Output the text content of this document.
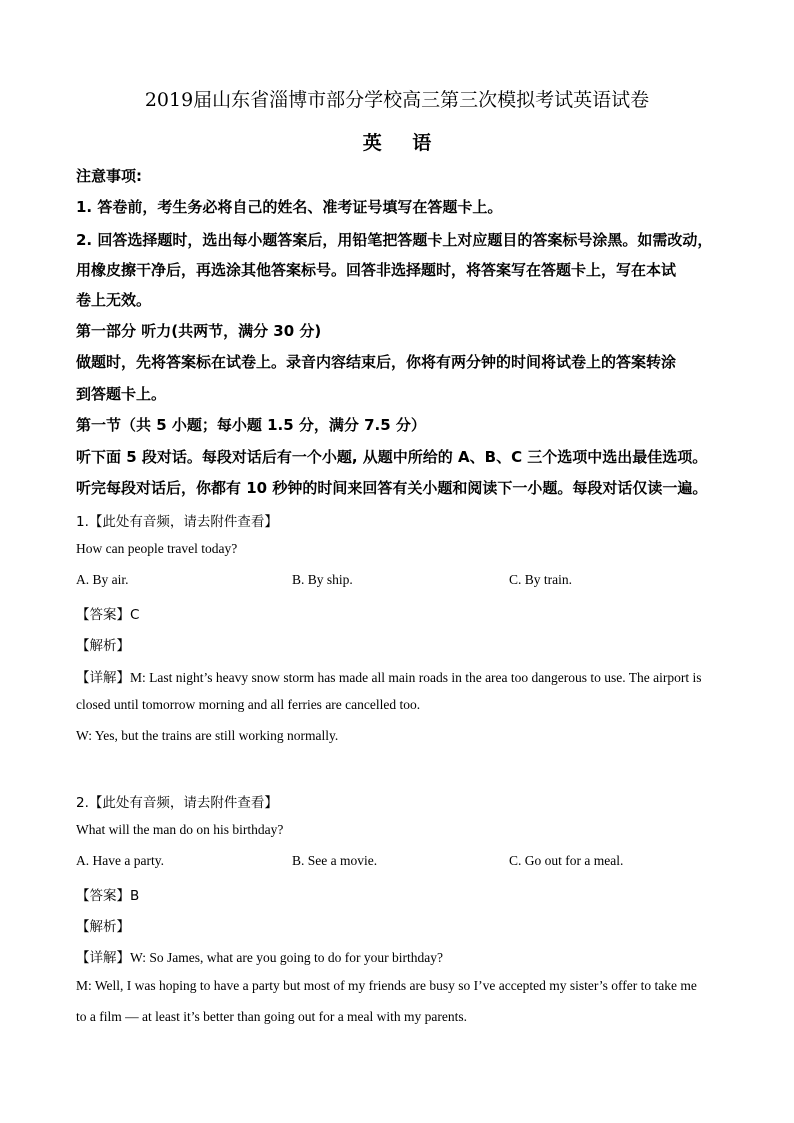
2019届山东省淄博市部分学校高三第三次模拟考试英语试卷
英 语
注意事项:
1. 答卷前，考生务必将自己的姓名、准考证号填写在答题卡上。
2. 回答选择题时，选出每小题答案后，用铅笔把答题卡上对应题目的答案标号涂黑。如需改动，
用橡皮擦干净后，再选涂其他答案标号。回答非选择题时，将答案写在答题卡上，写在本试
卷上无效。
第一部分 听力(共两节，满分 30 分)
做题时，先将答案标在试卷上。录音内容结束后，你将有两分钟的时间将试卷上的答案转涂
到答题卡上。
第一节（共 5 小题；每小题 1.5 分，满分 7.5 分）
听下面 5 段对话。每段对话后有一个小题, 从题中所给的 A、B、C 三个选项中选出最佳选项。
听完每段对话后，你都有 10 秒钟的时间来回答有关小题和阅读下一小题。每段对话仅读一遍。
1.【此处有音频，请去附件查看】
How can people travel today?
A. By air.	B. By ship.	C. By train.
【答案】C
【解析】
【详解】M: Last night’s heavy snow storm has made all main roads in the area too dangerous to use. The airport is
closed until tomorrow morning and all ferries are cancelled too.
W: Yes, but the trains are still working normally.
2.【此处有音频，请去附件查看】
What will the man do on his birthday?
A. Have a party.	B. See a movie.	C. Go out for a meal.
【答案】B
【解析】
【详解】W: So James, what are you going to do for your birthday?
M: Well, I was hoping to have a party but most of my friends are busy so I’ve accepted my sister’s offer to take me
to a film — at least it’s better than going out for a meal with my parents.
